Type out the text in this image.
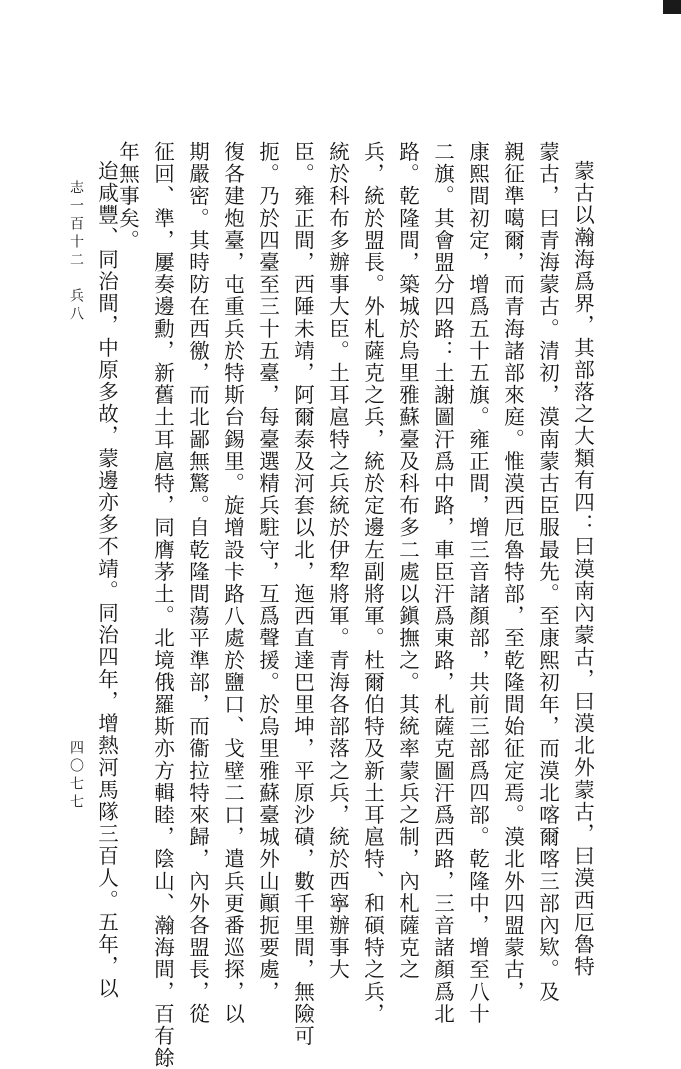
蒙古以瀚海爲界，其部落之大類有四：曰漠南內蒙古，曰漠北外蒙古，曰漠西厄魯特
蒙古，曰青海蒙古。清初，漠南蒙古臣服最先。至康熙初年，而漠北喀爾喀三部內欵。及
親征準噶爾，而青海諸部來庭。惟漠西厄魯特部，至乾隆間始征定焉。漠北外四盟蒙古，
康熙間初定，增爲五十五旗。雍正間，增三音諸顏部，共前三部爲四部。乾隆中，增至八十
二旗。其會盟分四路：土謝圖汗爲中路，車臣汗爲東路，札薩克圖汗爲西路，三音諸顏爲北
路。乾隆間，築城於烏里雅蘇臺及科布多二處以鎭撫之。其統率蒙兵之制，內札薩克之
兵，統於盟長。外札薩克之兵，統於定邊左副將軍。杜爾伯特及新土耳扈特、和碩特之兵，
統於科布多辦事大臣。土耳扈特之兵統於伊犂將軍。青海各部落之兵，統於西寧辦事大
臣。雍正間，西陲未靖，阿爾泰及河套以北，迤西直達巴里坤，平原沙磧，數千里間，無險可
扼。乃於四臺至三十五臺，每臺選精兵駐守，互爲聲援。於烏里雅蘇臺城外山顚扼要處，
復各建炮臺，屯重兵於特斯台錫里。旋增設卡路八處於鹽口、戈壁二口，遣兵更番巡探，以
期嚴密。其時防在西徼，而北鄙無驚。自乾隆間蕩平準部，而衞拉特來歸，內外各盟長，從
征回、準，屢奏邊勳，新舊土耳扈特，同膺茅土。北境俄羅斯亦方輯睦，陰山、瀚海間，百有餘
年無事矣。
迨咸豐、同治間，中原多故，蒙邊亦多不靖。同治四年，增熱河馬隊三百人。五年，以
志一百十二　兵八
四〇七七
